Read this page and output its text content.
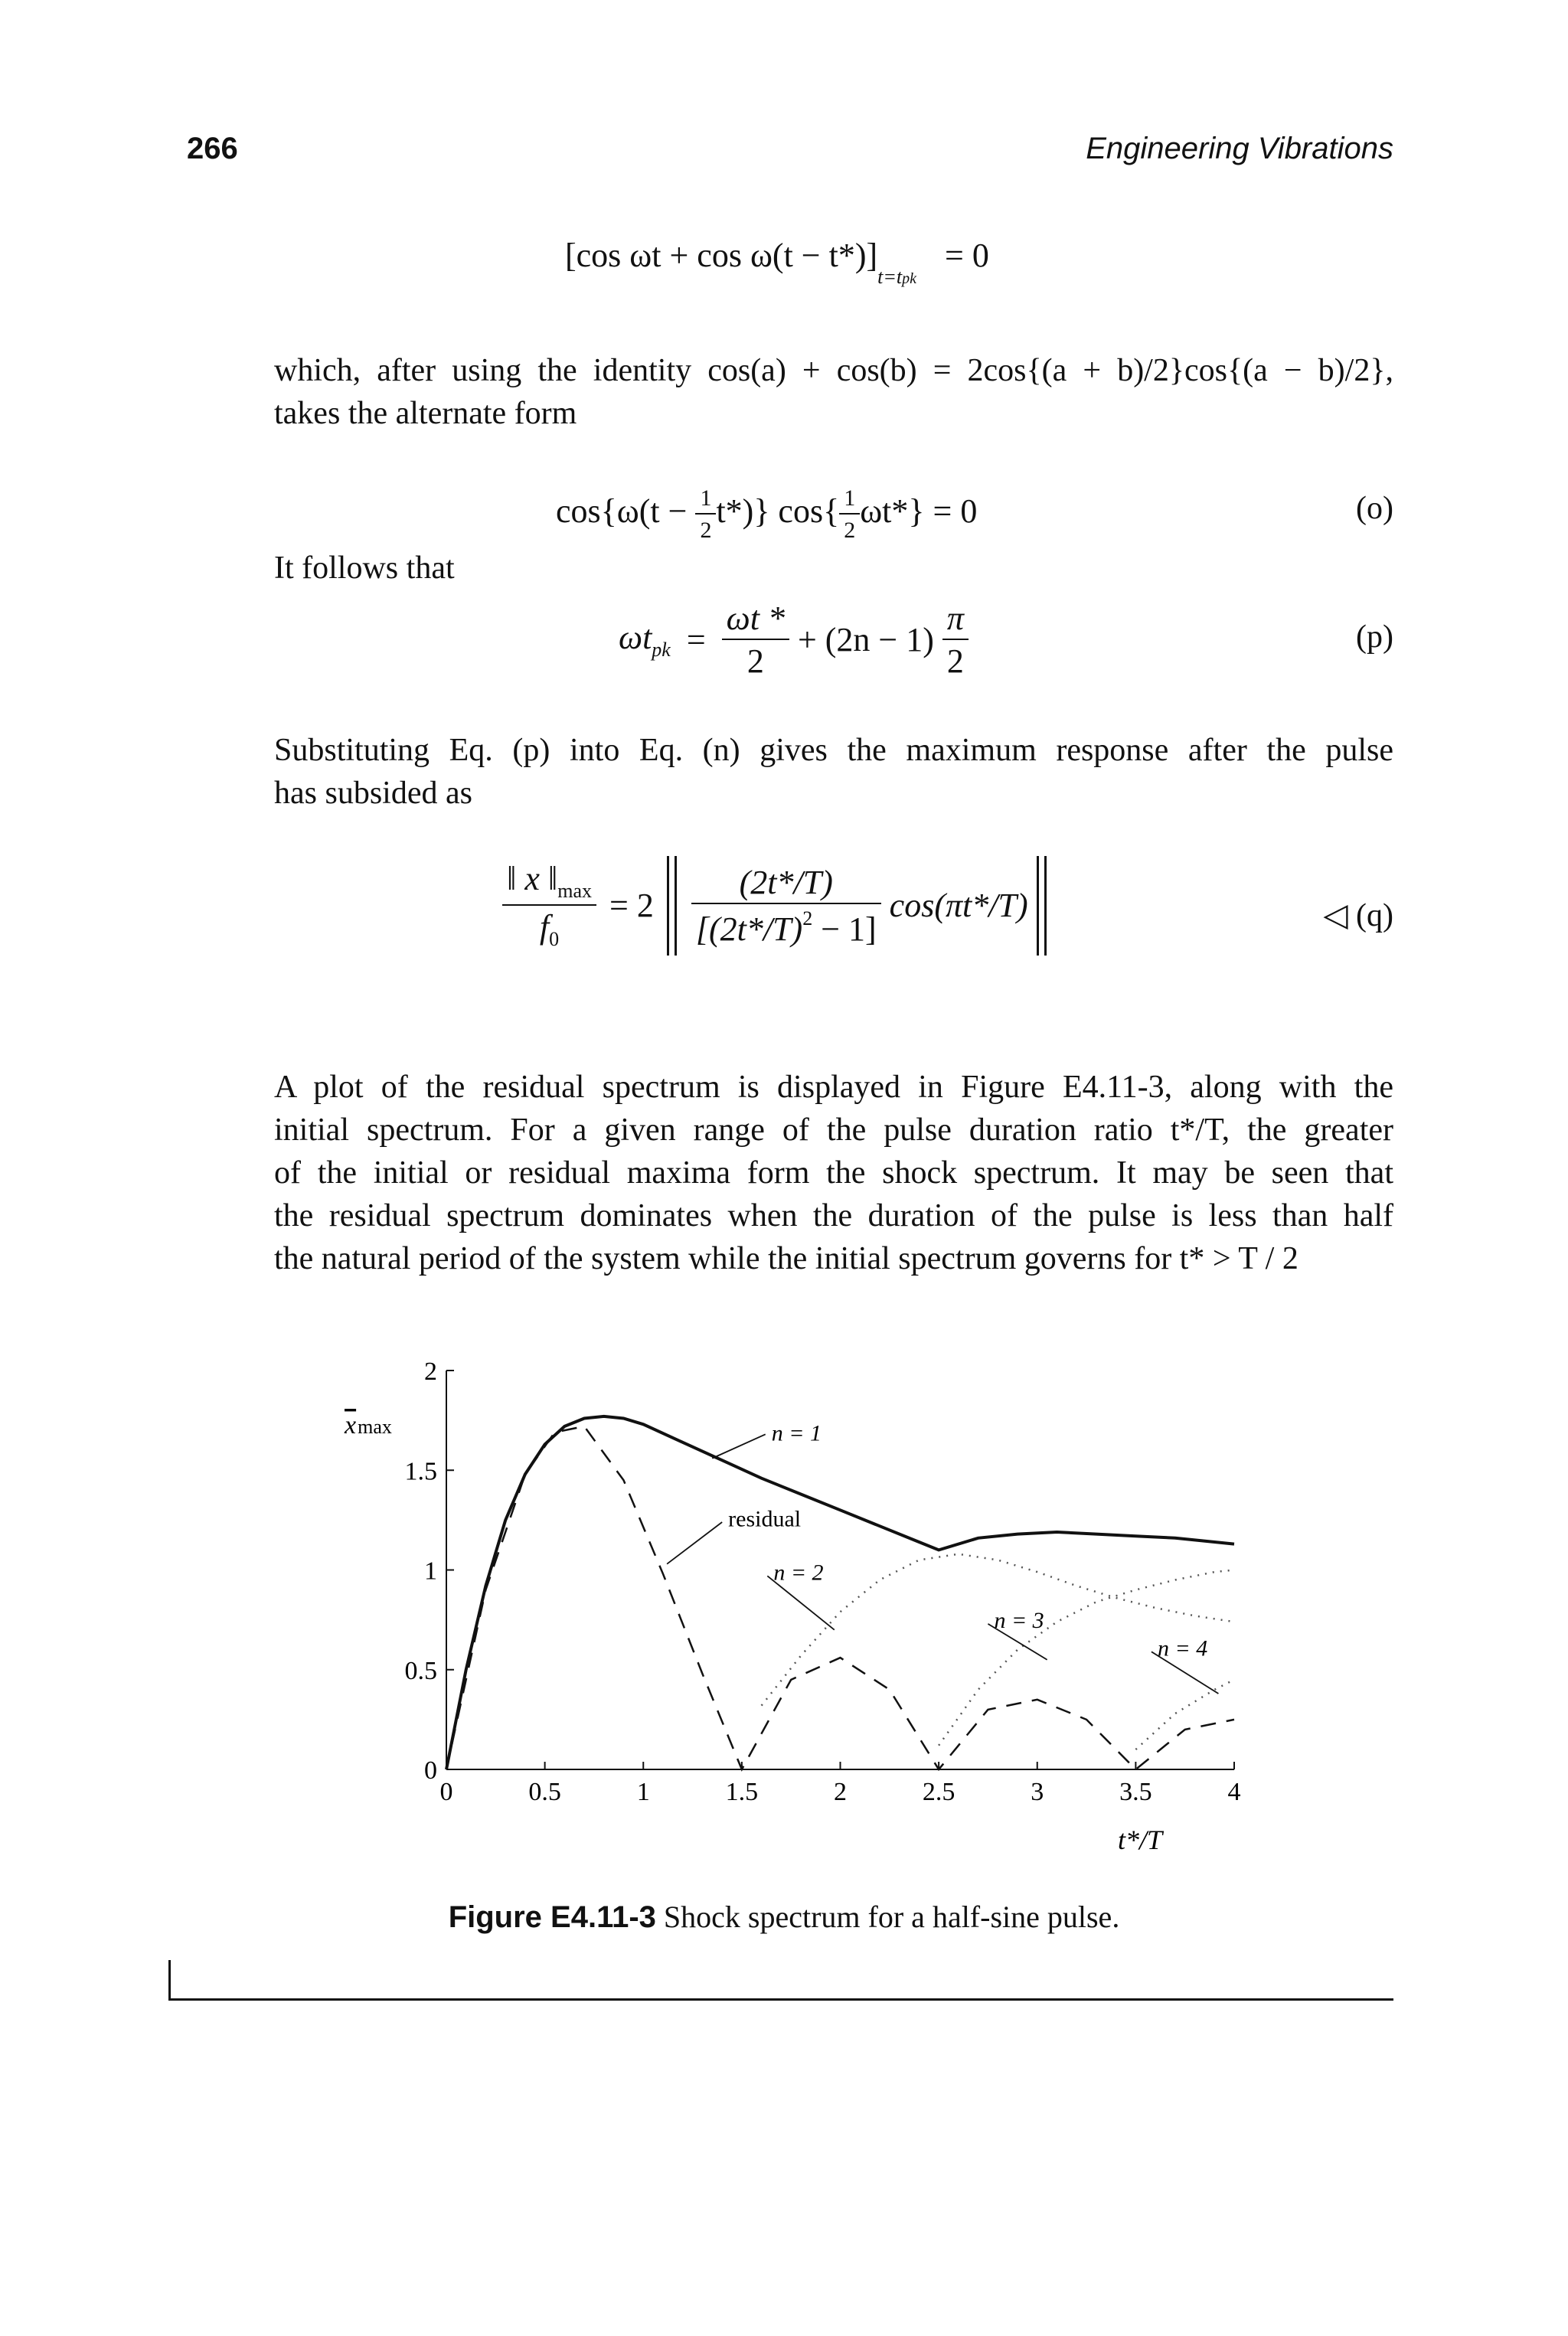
266	Engineering Vibrations
[cos $\omega t + \cos \omega(t - t*)]_{t=tpk} = 0$
which, after using the identity cos(a) + cos(b) = 2cos{(a + b)/2}cos{(a − b)/2},
takes the alternate form
$\cos\{\omega(t - \frac{1}{2} t*)\}$ $\cos\{ \frac{1}{2} \omega t*\} = 0$	(o)
It follows that
$\omega t_{pk} = \frac{\omega t *}{2} + (2n - 1) \frac{\pi}{2}$	(p)
Substituting Eq. (p) into Eq. (n) gives the maximum response after the pulse
has subsided as
$\frac{‖ x ‖_{max}}{f_0} = 2 \frac{(2t*/T)}{[(2t*/T)^2 - 1]} \cos(\pi t*/T)$	◁ (q)
A plot of the residual spectrum is displayed in Figure E4.11-3, along with the
initial spectrum. For a given range of the pulse duration ratio t*/T, the greater
of the initial or residual maxima form the shock spectrum. It may be seen that
the residual spectrum dominates when the duration of the pulse is less than half
the natural period of the system while the initial spectrum governs for t* > T / 2
0	0.5	1	1.5	2	2.5	3	3.5	4
0
0.5
1
1.5
2
n = 1
residual
n = 2
n = 3
n = 4
xmax
t*/T
Figure E4.11-3 Shock spectrum for a half-sine pulse.
